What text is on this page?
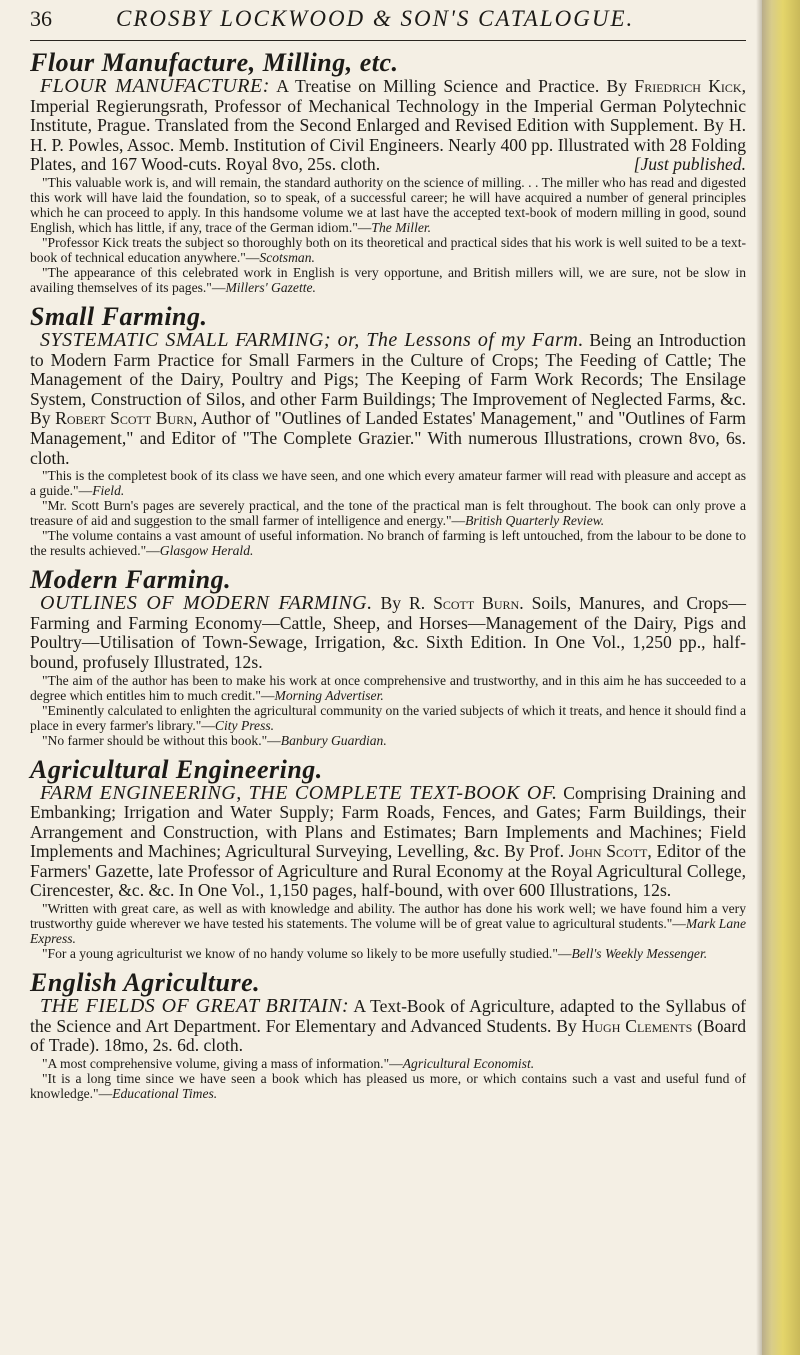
36	CROSBY LOCKWOOD & SON'S CATALOGUE.
Flour Manufacture, Milling, etc.
FLOUR MANUFACTURE: A Treatise on Milling Science and Practice. By Friedrich Kick, Imperial Regierungsrath, Professor of Mechanical Technology in the Imperial German Polytechnic Institute, Prague. Translated from the Second Enlarged and Revised Edition with Supplement. By H. H. P. Powles, Assoc. Memb. Institution of Civil Engineers. Nearly 400 pp. Illustrated with 28 Folding Plates, and 167 Wood-cuts. Royal 8vo, 25s. cloth.	[Just published.
"This valuable work is, and will remain, the standard authority on the science of milling. . . The miller who has read and digested this work will have laid the foundation, so to speak, of a successful career; he will have acquired a number of general principles which he can proceed to apply. In this handsome volume we at last have the accepted text-book of modern milling in good, sound English, which has little, if any, trace of the German idiom."—The Miller.
"Professor Kick treats the subject so thoroughly both on its theoretical and practical sides that his work is well suited to be a text-book of technical education anywhere."—Scotsman.
"The appearance of this celebrated work in English is very opportune, and British millers will, we are sure, not be slow in availing themselves of its pages."—Millers' Gazette.
Small Farming.
SYSTEMATIC SMALL FARMING; or, The Lessons of my Farm. Being an Introduction to Modern Farm Practice for Small Farmers in the Culture of Crops; The Feeding of Cattle; The Management of the Dairy, Poultry and Pigs; The Keeping of Farm Work Records; The Ensilage System, Construction of Silos, and other Farm Buildings; The Improvement of Neglected Farms, &c. By Robert Scott Burn, Author of "Outlines of Landed Estates' Management," and "Outlines of Farm Management," and Editor of "The Complete Grazier." With numerous Illustrations, crown 8vo, 6s. cloth.
"This is the completest book of its class we have seen, and one which every amateur farmer will read with pleasure and accept as a guide."—Field.
"Mr. Scott Burn's pages are severely practical, and the tone of the practical man is felt throughout. The book can only prove a treasure of aid and suggestion to the small farmer of intelligence and energy."—British Quarterly Review.
"The volume contains a vast amount of useful information. No branch of farming is left untouched, from the labour to be done to the results achieved."—Glasgow Herald.
Modern Farming.
OUTLINES OF MODERN FARMING. By R. Scott Burn. Soils, Manures, and Crops—Farming and Farming Economy—Cattle, Sheep, and Horses—Management of the Dairy, Pigs and Poultry—Utilisation of Town-Sewage, Irrigation, &c. Sixth Edition. In One Vol., 1,250 pp., half-bound, profusely Illustrated, 12s.
"The aim of the author has been to make his work at once comprehensive and trustworthy, and in this aim he has succeeded to a degree which entitles him to much credit."—Morning Advertiser.
"Eminently calculated to enlighten the agricultural community on the varied subjects of which it treats, and hence it should find a place in every farmer's library."—City Press.
"No farmer should be without this book."—Banbury Guardian.
Agricultural Engineering.
FARM ENGINEERING, THE COMPLETE TEXT-BOOK OF. Comprising Draining and Embanking; Irrigation and Water Supply; Farm Roads, Fences, and Gates; Farm Buildings, their Arrangement and Construction, with Plans and Estimates; Barn Implements and Machines; Field Implements and Machines; Agricultural Surveying, Levelling, &c. By Prof. John Scott, Editor of the Farmers' Gazette, late Professor of Agriculture and Rural Economy at the Royal Agricultural College, Cirencester, &c. &c. In One Vol., 1,150 pages, half-bound, with over 600 Illustrations, 12s.
"Written with great care, as well as with knowledge and ability. The author has done his work well; we have found him a very trustworthy guide wherever we have tested his statements. The volume will be of great value to agricultural students."—Mark Lane Express.
"For a young agriculturist we know of no handy volume so likely to be more usefully studied."—Bell's Weekly Messenger.
English Agriculture.
THE FIELDS OF GREAT BRITAIN: A Text-Book of Agriculture, adapted to the Syllabus of the Science and Art Department. For Elementary and Advanced Students. By Hugh Clements (Board of Trade). 18mo, 2s. 6d. cloth.
"A most comprehensive volume, giving a mass of information."—Agricultural Economist.
"It is a long time since we have seen a book which has pleased us more, or which contains such a vast and useful fund of knowledge."—Educational Times.
